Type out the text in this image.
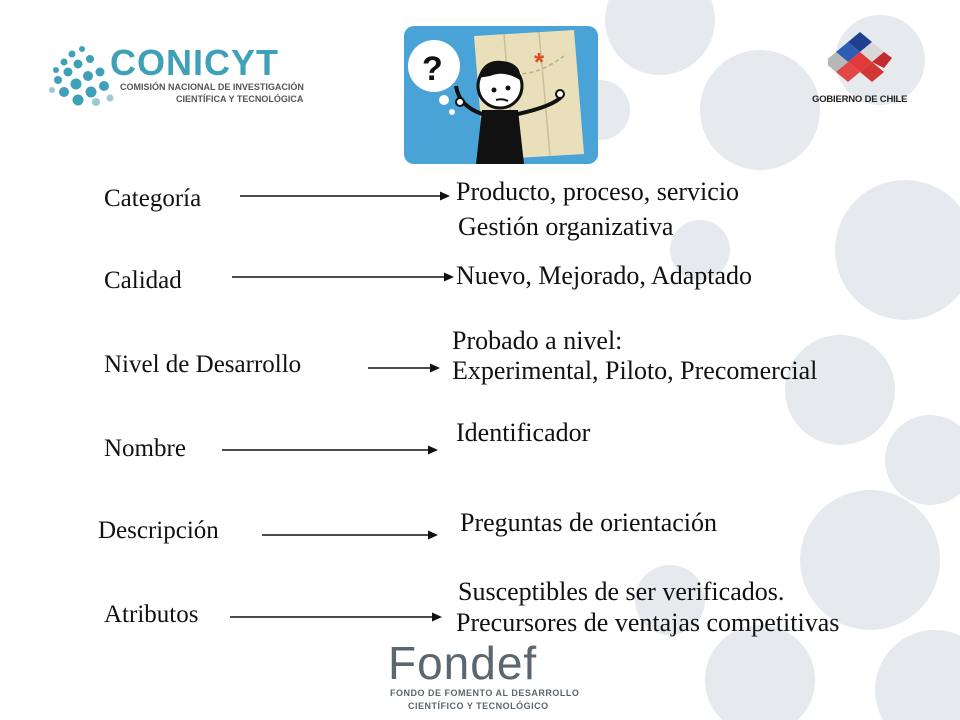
CONICYT
COMISIÓN NACIONAL DE INVESTIGACIÓN
CIENTÍFICA Y TECNOLÓGICA
*
?
GOBIERNO DE CHILE
Categoría
Calidad
Nivel de Desarrollo
Nombre
Descripción
Atributos
Producto, proceso, servicio
Gestión organizativa
Nuevo, Mejorado, Adaptado
Probado a nivel:
Experimental, Piloto, Precomercial
Identificador
Preguntas de orientación
Susceptibles de ser verificados.
Precursores de ventajas competitivas
Fondef
FONDO DE FOMENTO AL DESARROLLO
CIENTÍFICO Y TECNOLÓGICO
